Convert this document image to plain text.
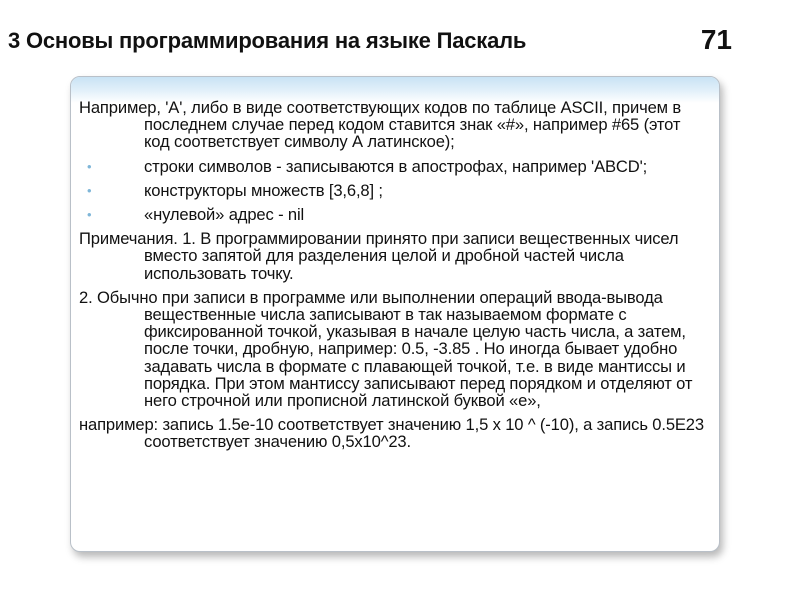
3 Основы программирования на языке Паскаль	71

Например, 'A', либо в виде соответствующих кодов по таблице ASCII, причем в последнем случае перед кодом ставится знак «#», например #65 (этот код соответствует символу А латинское);

•	строки символов - записываются в апострофах, например 'ABCD';
•	конструкторы множеств [3,6,8] ;
•	«нулевой» адрес - nil

Примечания. 1. В программировании принято при записи вещественных чисел вместо запятой для разделения целой и дробной частей числа использовать точку.

2. Обычно при записи в программе или выполнении операций ввода-вывода вещественные числа записывают в так называемом формате с фиксированной точкой, указывая в начале целую часть числа, а затем, после точки, дробную, например: 0.5, -3.85 . Но иногда бывает удобно задавать числа в формате с плавающей точкой, т.е. в виде мантиссы и порядка. При этом мантиссу записывают перед порядком и отделяют от него строчной или прописной латинской буквой «е»,

например: запись 1.5е-10 соответствует значению 1,5 х 10 ^ (-10), а запись 0.5Е23 соответствует значению 0,5x10^23.
